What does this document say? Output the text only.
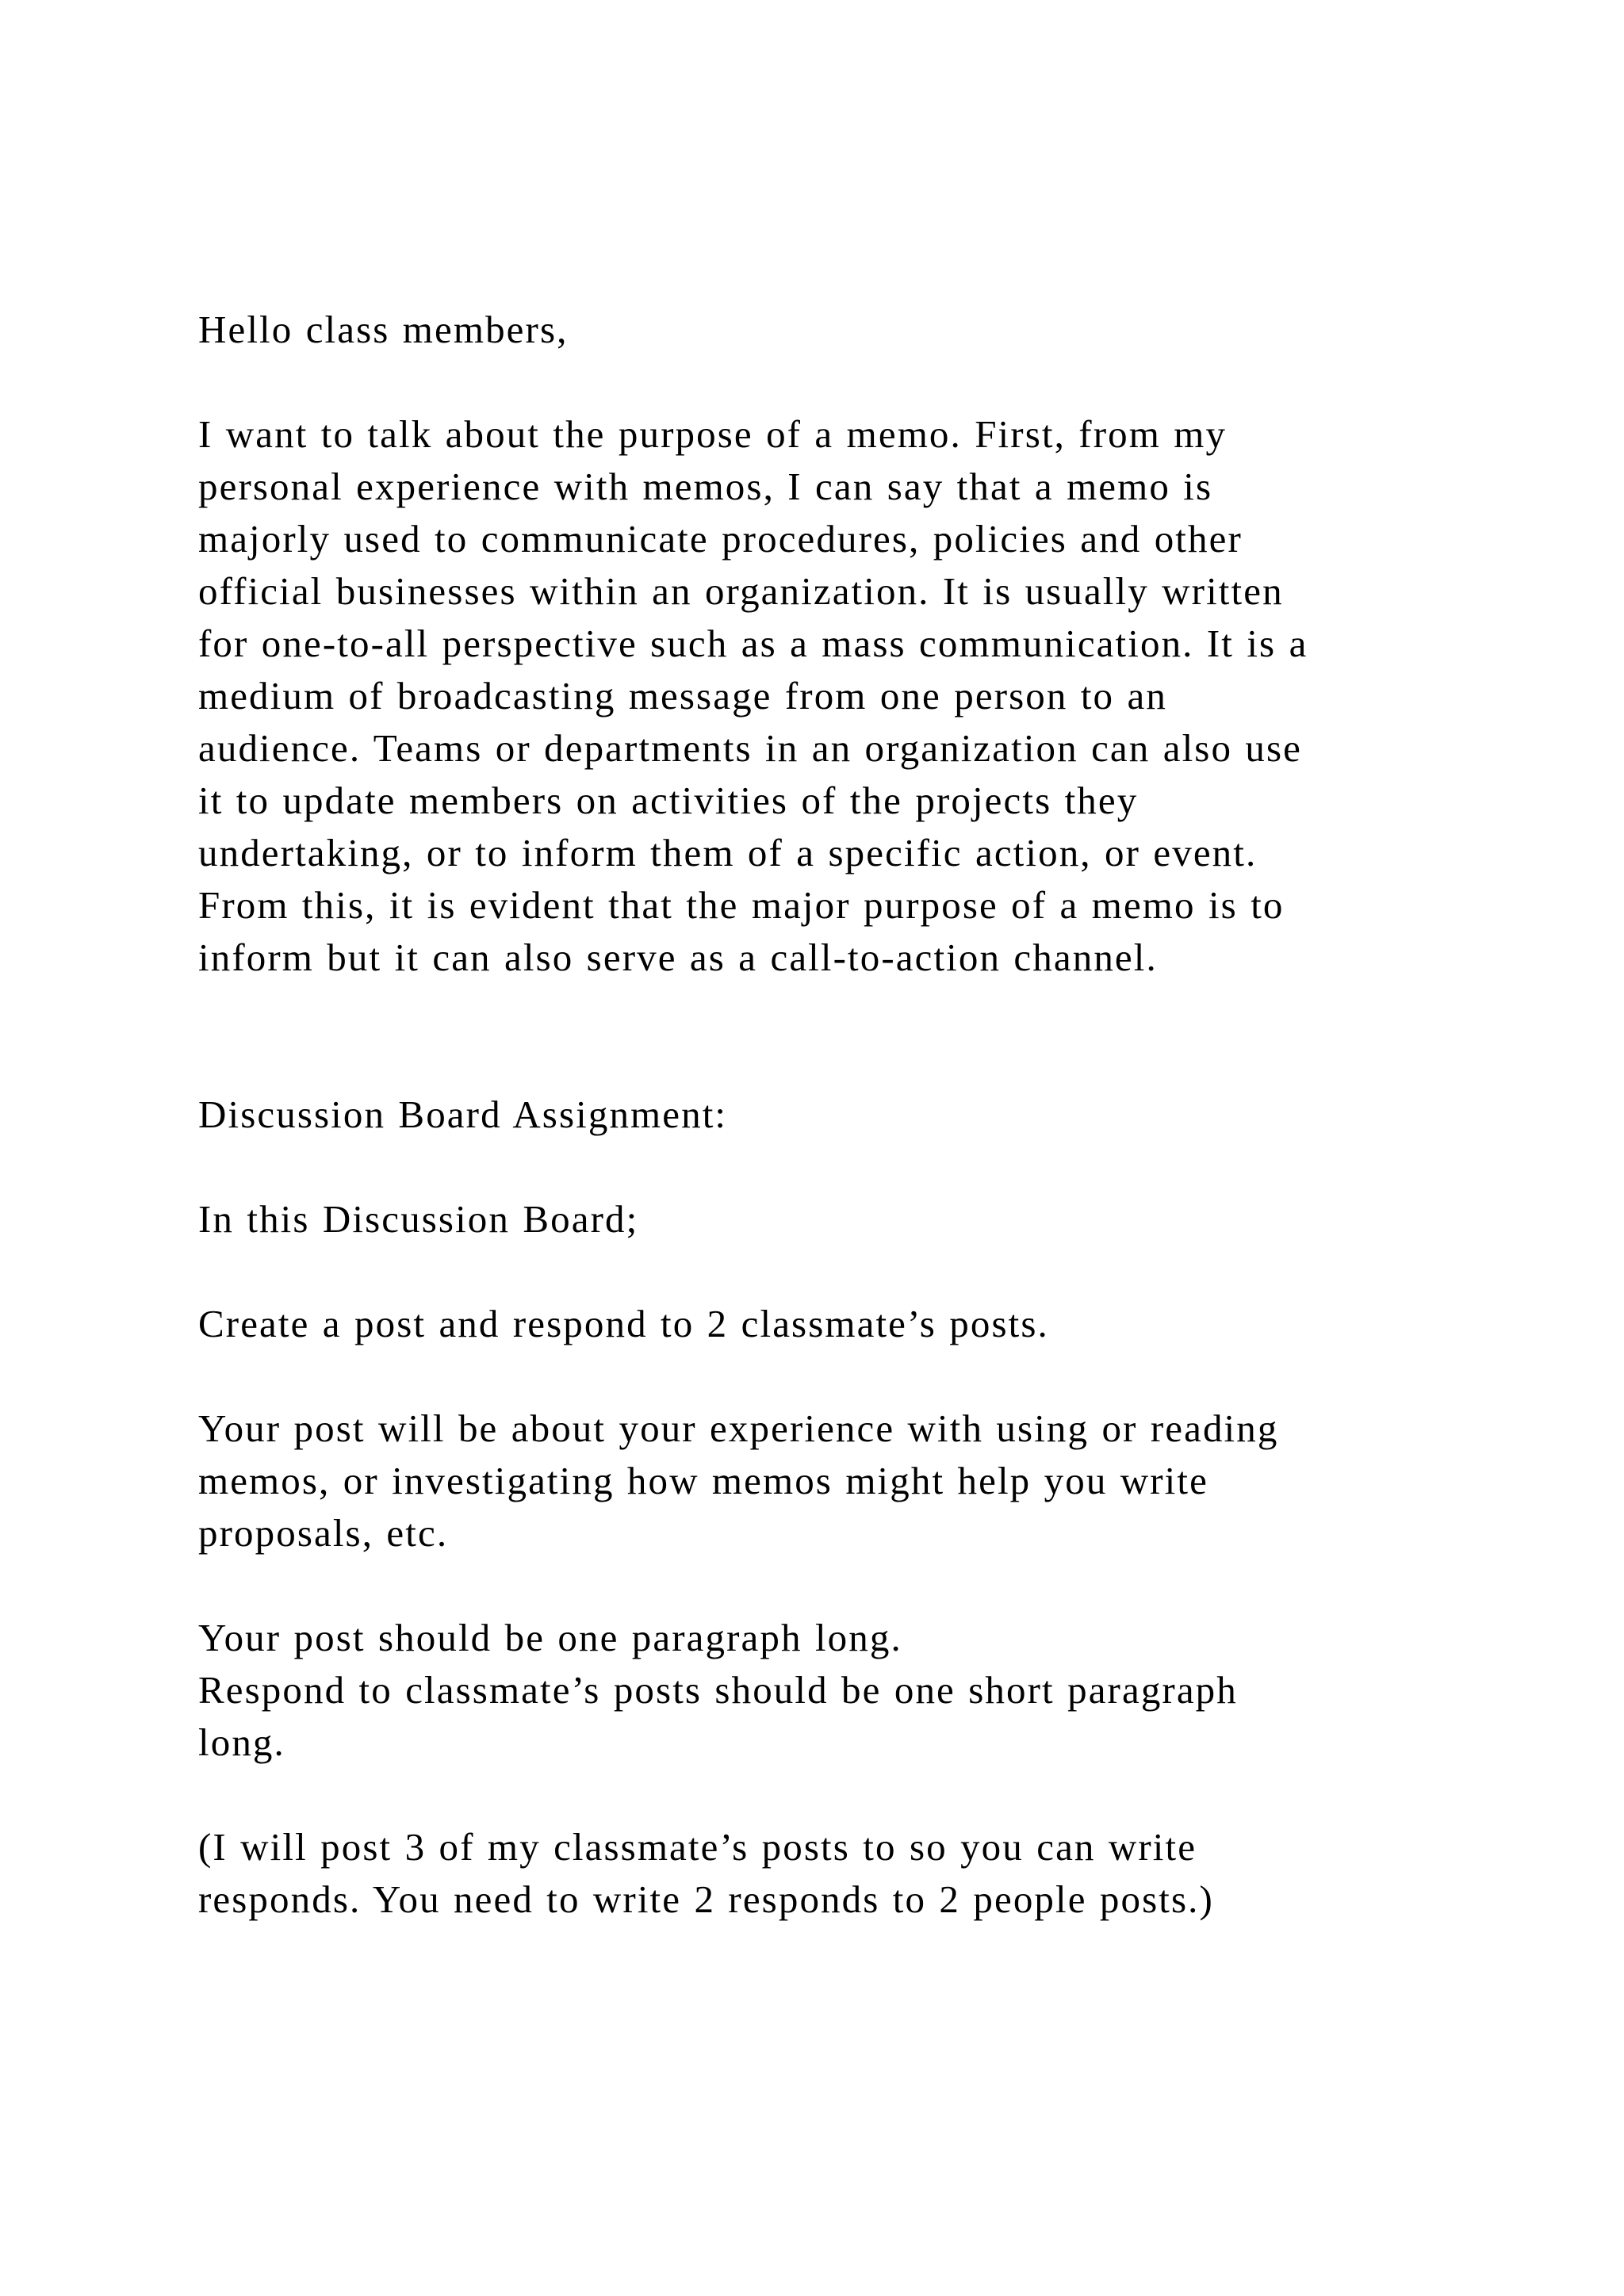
Hello class members,
I want to talk about the purpose of a memo. First, from my
personal experience with memos, I can say that a memo is
majorly used to communicate procedures, policies and other
official businesses within an organization. It is usually written
for one-to-all perspective such as a mass communication. It is a
medium of broadcasting message from one person to an
audience. Teams or departments in an organization can also use
it to update members on activities of the projects they
undertaking, or to inform them of a specific action, or event.
From this, it is evident that the major purpose of a memo is to
inform but it can also serve as a call-to-action channel.
Discussion Board Assignment:
In this Discussion Board;
Create a post and respond to 2 classmate’s posts.
Your post will be about your experience with using or reading
memos, or investigating how memos might help you write
proposals, etc.
Your post should be one paragraph long.
Respond to classmate’s posts should be one short paragraph
long.
(I will post 3 of my classmate’s posts to so you can write
responds. You need to write 2 responds to 2 people posts.)
